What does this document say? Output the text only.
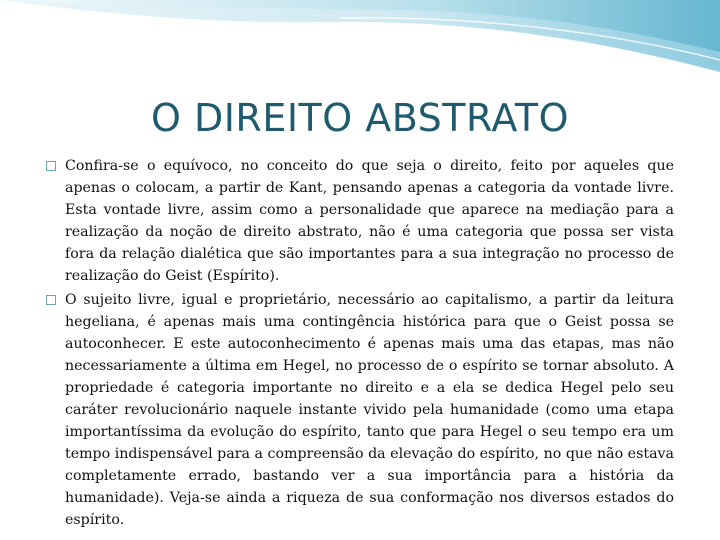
O DIREITO ABSTRATO
Confira-se o equívoco, no conceito do que seja o direito, feito por aqueles que apenas o colocam, a partir de Kant, pensando apenas a categoria da vontade livre. Esta vontade livre, assim como a personalidade que aparece na mediação para a realização da noção de direito abstrato, não é uma categoria que possa ser vista fora da relação dialética que são importantes para a sua integração no processo de realização do Geist (Espírito).
O sujeito livre, igual e proprietário, necessário ao capitalismo, a partir da leitura hegeliana, é apenas mais uma contingência histórica para que o Geist possa se autoconhecer. E este autoconhecimento é apenas mais uma das etapas, mas não necessariamente a última em Hegel, no processo de o espírito se tornar absoluto. A propriedade é categoria importante no direito e a ela se dedica Hegel pelo seu caráter revolucionário naquele instante vivido pela humanidade (como uma etapa importantíssima da evolução do espírito, tanto que para Hegel o seu tempo era um tempo indispensável para a compreensão da elevação do espírito, no que não estava completamente errado, bastando ver a sua importância para a história da humanidade). Veja-se ainda a riqueza de sua conformação nos diversos estados do espírito.
